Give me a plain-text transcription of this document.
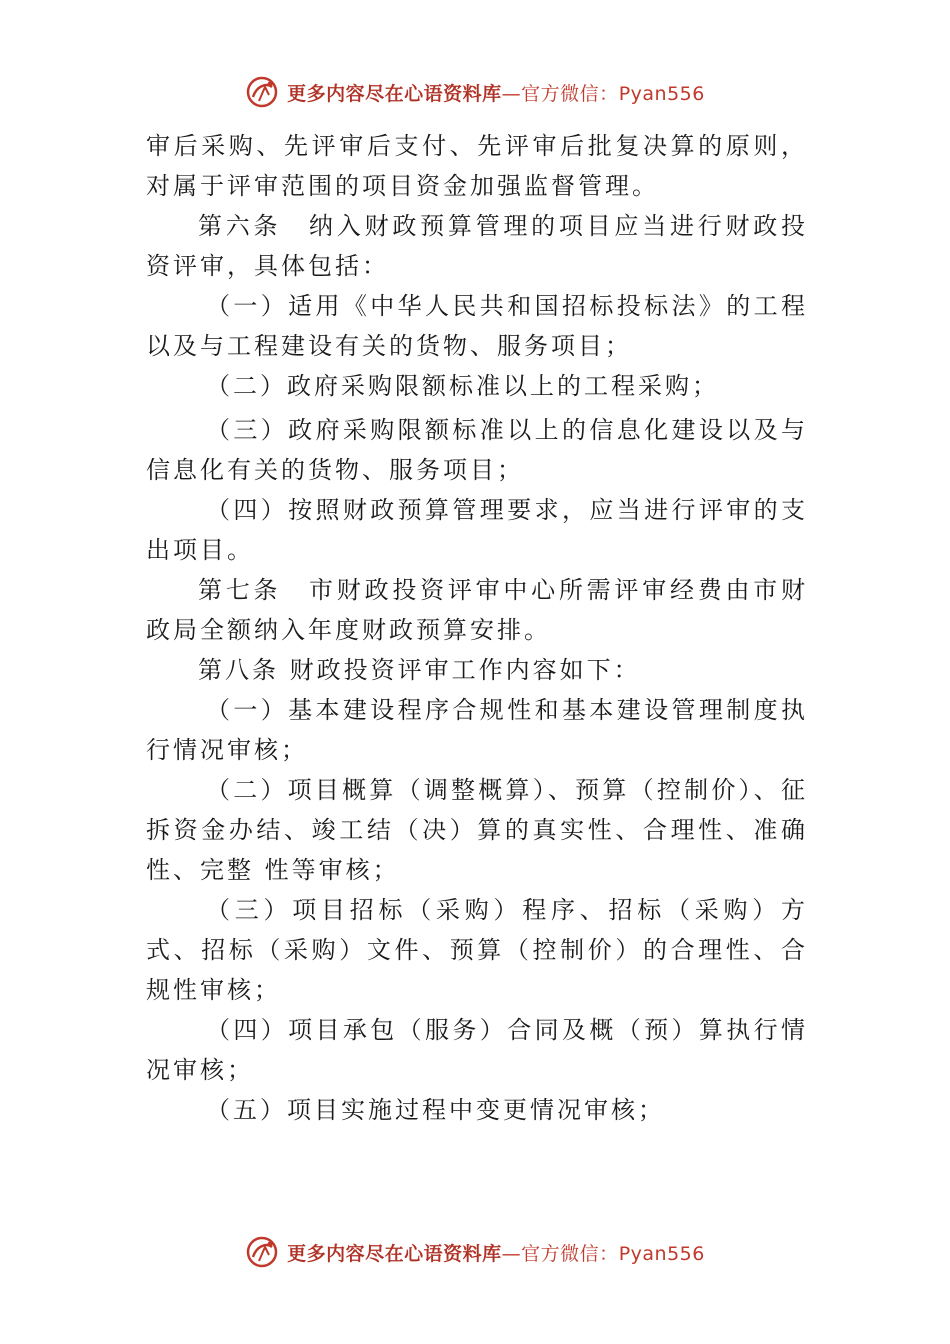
更多内容尽在心语资料库—官方微信：Pyan556

审后采购、先评审后支付、先评审后批复决算的原则，对属于评审范围的项目资金加强监督管理。

第六条　纳入财政预算管理的项目应当进行财政投资评审，具体包括：

（一）适用《中华人民共和国招标投标法》的工程以及与工程建设有关的货物、服务项目；

（二）政府采购限额标准以上的工程采购；

（三）政府采购限额标准以上的信息化建设以及与信息化有关的货物、服务项目；

（四）按照财政预算管理要求，应当进行评审的支出项目。

第七条　市财政投资评审中心所需评审经费由市财政局全额纳入年度财政预算安排。

第八条 财政投资评审工作内容如下：

（一）基本建设程序合规性和基本建设管理制度执行情况审核；

（二）项目概算（调整概算）、预算（控制价）、征拆资金办结、竣工结（决）算的真实性、合理性、准确性、完整 性等审核；

（三）项目招标（采购）程序、招标（采购）方式、招标（采购）文件、预算（控制价）的合理性、合规性审核；

（四）项目承包（服务）合同及概（预）算执行情况审核；

（五）项目实施过程中变更情况审核；

更多内容尽在心语资料库—官方微信：Pyan556
